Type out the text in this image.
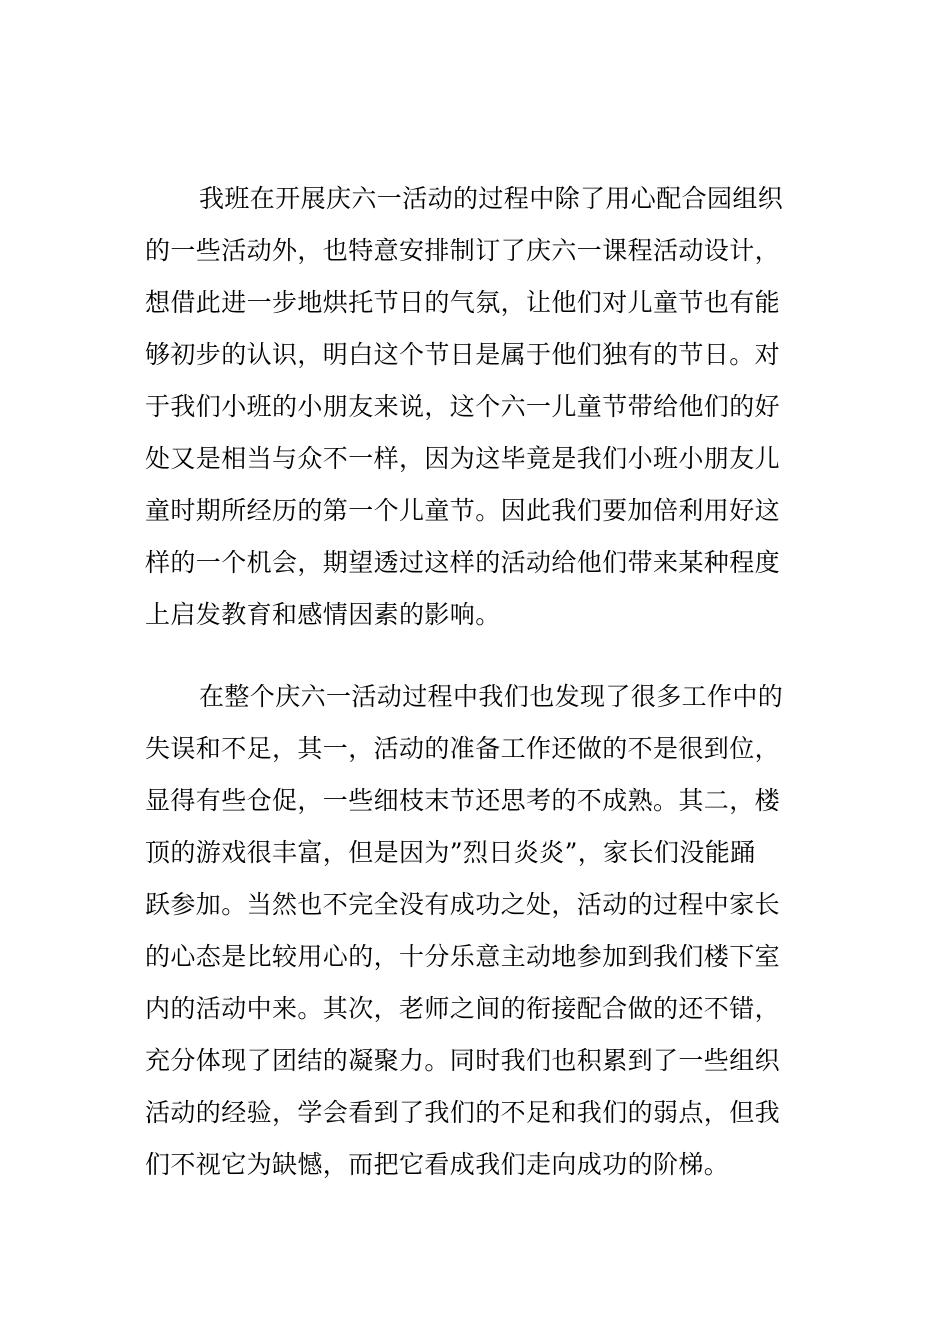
我班在开展庆六一活动的过程中除了用心配合园组织
的一些活动外，也特意安排制订了庆六一课程活动设计，
想借此进一步地烘托节日的气氛，让他们对儿童节也有能
够初步的认识，明白这个节日是属于他们独有的节日。对
于我们小班的小朋友来说，这个六一儿童节带给他们的好
处又是相当与众不一样，因为这毕竟是我们小班小朋友儿
童时期所经历的第一个儿童节。因此我们要加倍利用好这
样的一个机会，期望透过这样的活动给他们带来某种程度
上启发教育和感情因素的影响。
在整个庆六一活动过程中我们也发现了很多工作中的
失误和不足，其一，活动的准备工作还做的不是很到位，
显得有些仓促，一些细枝末节还思考的不成熟。其二，楼
顶的游戏很丰富，但是因为”烈日炎炎”，家长们没能踊
跃参加。当然也不完全没有成功之处，活动的过程中家长
的心态是比较用心的，十分乐意主动地参加到我们楼下室
内的活动中来。其次，老师之间的衔接配合做的还不错，
充分体现了团结的凝聚力。同时我们也积累到了一些组织
活动的经验，学会看到了我们的不足和我们的弱点，但我
们不视它为缺憾，而把它看成我们走向成功的阶梯。
